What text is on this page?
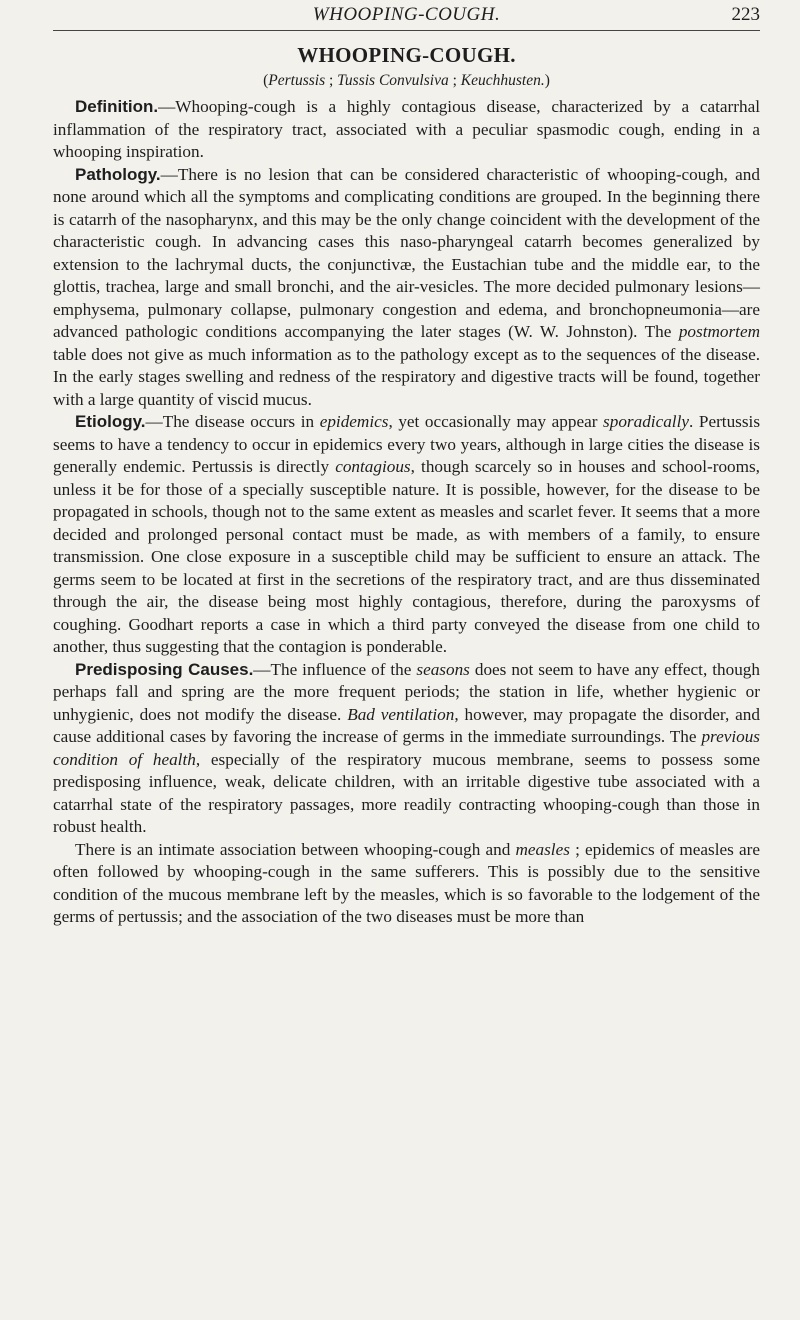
WHOOPING-COUGH.	223
WHOOPING-COUGH.
(Pertussis ; Tussis Convulsiva ; Keuchhusten.)

Definition.—Whooping-cough is a highly contagious disease, characterized by a catarrhal inflammation of the respiratory tract, associated with a peculiar spasmodic cough, ending in a whooping inspiration.

Pathology.—There is no lesion that can be considered characteristic of whooping-cough, and none around which all the symptoms and complicating conditions are grouped. In the beginning there is catarrh of the nasopharynx, and this may be the only change coincident with the development of the characteristic cough. In advancing cases this naso-pharyngeal catarrh becomes generalized by extension to the lachrymal ducts, the conjunctivæ, the Eustachian tube and the middle ear, to the glottis, trachea, large and small bronchi, and the air-vesicles. The more decided pulmonary lesions—emphysema, pulmonary collapse, pulmonary congestion and edema, and bronchopneumonia—are advanced pathologic conditions accompanying the later stages (W. W. Johnston). The postmortem table does not give as much information as to the pathology except as to the sequences of the disease. In the early stages swelling and redness of the respiratory and digestive tracts will be found, together with a large quantity of viscid mucus.

Etiology.—The disease occurs in epidemics, yet occasionally may appear sporadically. Pertussis seems to have a tendency to occur in epidemics every two years, although in large cities the disease is generally endemic. Pertussis is directly contagious, though scarcely so in houses and school-rooms, unless it be for those of a specially susceptible nature. It is possible, however, for the disease to be propagated in schools, though not to the same extent as measles and scarlet fever. It seems that a more decided and prolonged personal contact must be made, as with members of a family, to ensure transmission. One close exposure in a susceptible child may be sufficient to ensure an attack. The germs seem to be located at first in the secretions of the respiratory tract, and are thus disseminated through the air, the disease being most highly contagious, therefore, during the paroxysms of coughing. Goodhart reports a case in which a third party conveyed the disease from one child to another, thus suggesting that the contagion is ponderable.

Predisposing Causes.—The influence of the seasons does not seem to have any effect, though perhaps fall and spring are the more frequent periods; the station in life, whether hygienic or unhygienic, does not modify the disease. Bad ventilation, however, may propagate the disorder, and cause additional cases by favoring the increase of germs in the immediate surroundings. The previous condition of health, especially of the respiratory mucous membrane, seems to possess some predisposing influence, weak, delicate children, with an irritable digestive tube associated with a catarrhal state of the respiratory passages, more readily contracting whooping-cough than those in robust health.

There is an intimate association between whooping-cough and measles ; epidemics of measles are often followed by whooping-cough in the same sufferers. This is possibly due to the sensitive condition of the mucous membrane left by the measles, which is so favorable to the lodgement of the germs of pertussis; and the association of the two diseases must be more than
